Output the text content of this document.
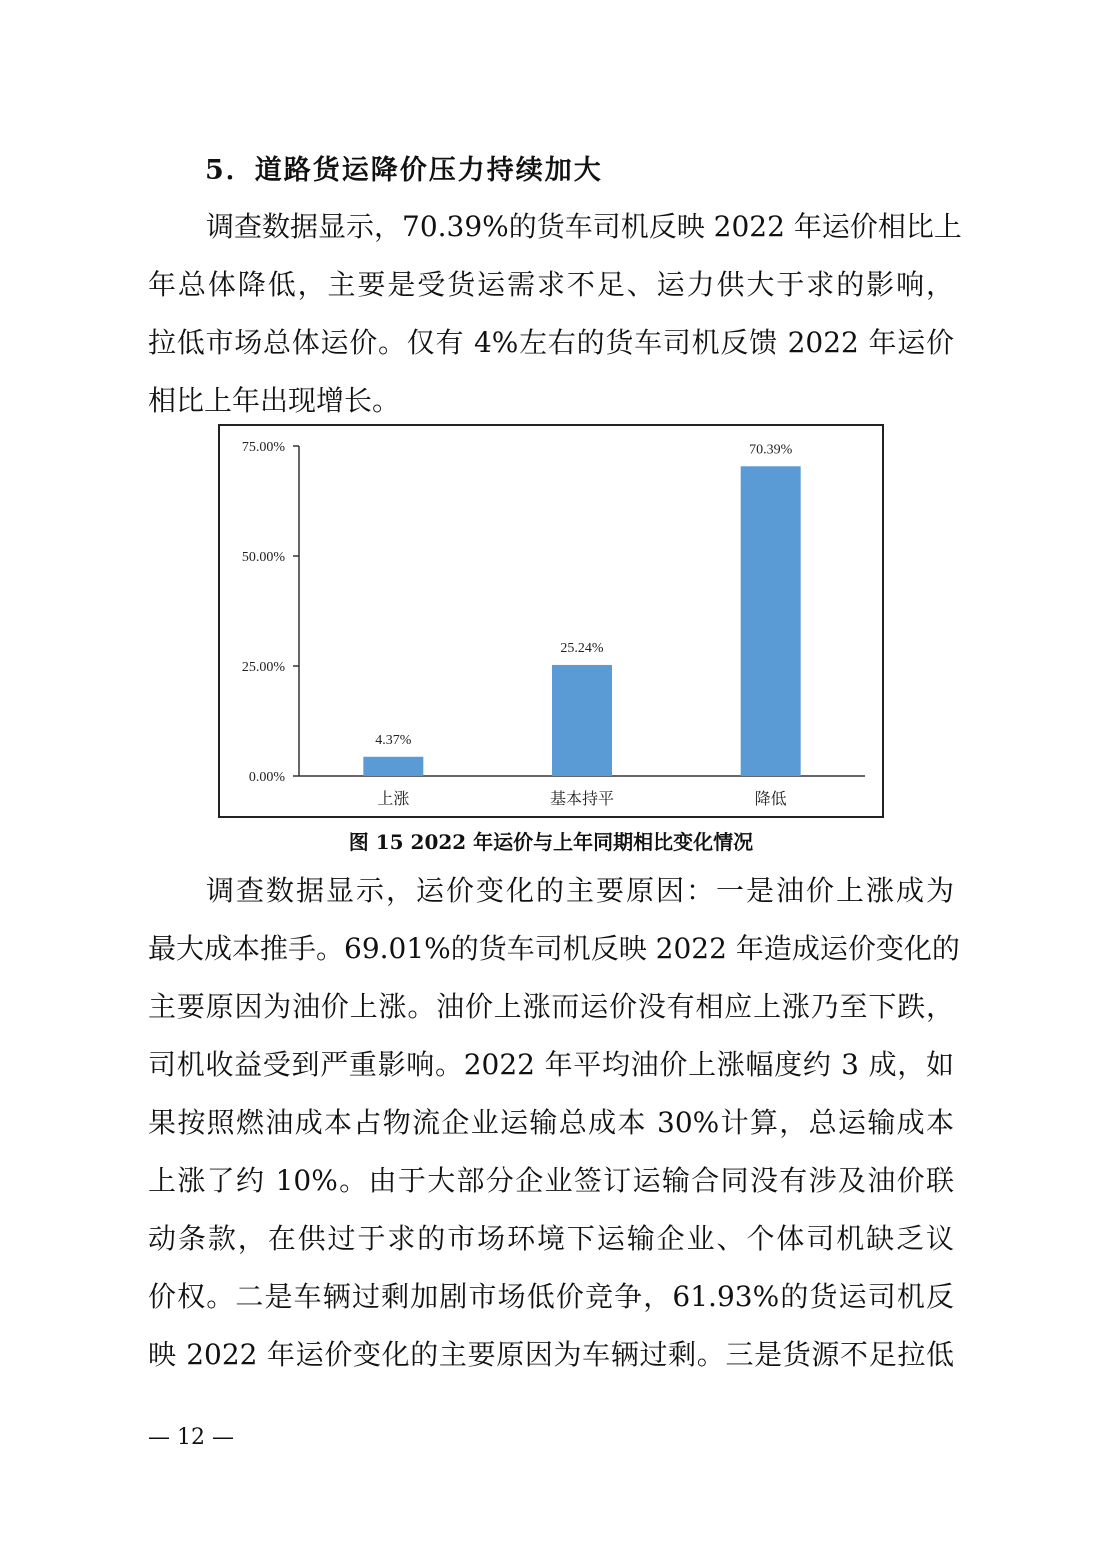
5．道路货运降价压力持续加大
调查数据显示，70.39%的货车司机反映 2022 年运价相比上
年总体降低，主要是受货运需求不足、运力供大于求的影响，
拉低市场总体运价。仅有 4%左右的货车司机反馈 2022 年运价
相比上年出现增长。
0.00%
25.00%
50.00%
75.00%
4.37%
上涨
25.24%
基本持平
70.39%
降低
图 15 2022 年运价与上年同期相比变化情况
调查数据显示，运价变化的主要原因：一是油价上涨成为
最大成本推手。69.01%的货车司机反映 2022 年造成运价变化的
主要原因为油价上涨。油价上涨而运价没有相应上涨乃至下跌，
司机收益受到严重影响。2022 年平均油价上涨幅度约 3 成，如
果按照燃油成本占物流企业运输总成本 30%计算，总运输成本
上涨了约 10%。由于大部分企业签订运输合同没有涉及油价联
动条款，在供过于求的市场环境下运输企业、个体司机缺乏议
价权。二是车辆过剩加剧市场低价竞争，61.93%的货运司机反
映 2022 年运价变化的主要原因为车辆过剩。三是货源不足拉低
— 12 —
